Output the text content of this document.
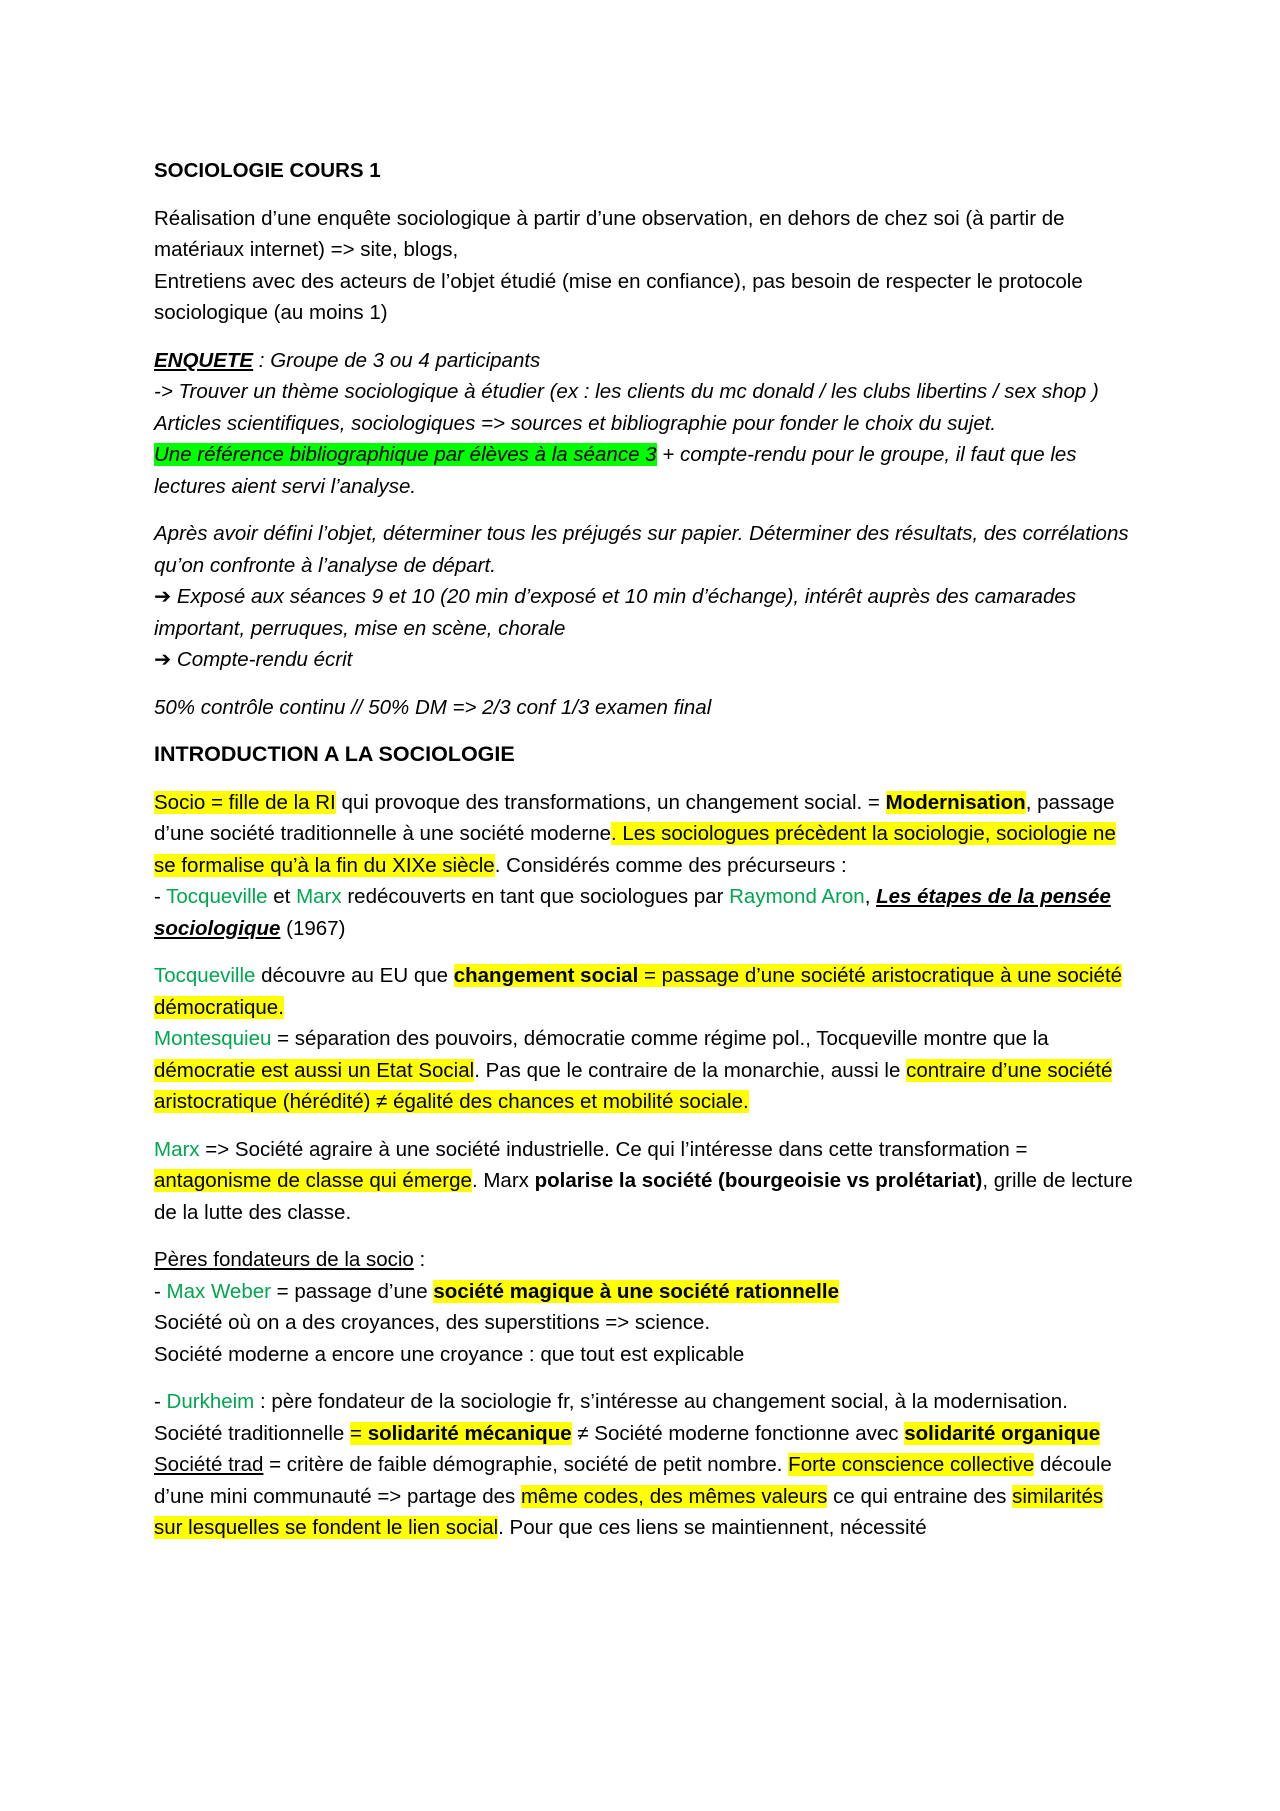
SOCIOLOGIE COURS 1
Réalisation d’une enquête sociologique à partir d’une observation, en dehors de chez soi (à partir de matériaux internet) => site, blogs,
Entretiens avec des acteurs de l’objet étudié (mise en confiance), pas besoin de respecter le protocole sociologique (au moins 1)
ENQUETE : Groupe de 3 ou 4 participants
-> Trouver un thème sociologique à étudier (ex : les clients du mc donald / les clubs libertins / sex shop )
Articles scientifiques, sociologiques => sources et bibliographie pour fonder le choix du sujet.
Une référence bibliographique par élèves à la séance 3 + compte-rendu pour le groupe, il faut que les lectures aient servi l’analyse.
Après avoir défini l’objet, déterminer tous les préjugés sur papier. Déterminer des résultats, des corrélations qu’on confronte à l’analyse de départ.
➔ Exposé aux séances 9 et 10 (20 min d’exposé et 10 min d’échange), intérêt auprès des camarades important, perruques, mise en scène, chorale
➔ Compte-rendu écrit
50% contrôle continu // 50% DM => 2/3 conf 1/3 examen final
INTRODUCTION A LA SOCIOLOGIE
Socio = fille de la RI qui provoque des transformations, un changement social. = Modernisation, passage d’une société traditionnelle à une société moderne. Les sociologues précèdent la sociologie, sociologie ne se formalise qu’à la fin du XIXe siècle. Considérés comme des précurseurs :
- Tocqueville et Marx redécouverts en tant que sociologues par Raymond Aron, Les étapes de la pensée sociologique (1967)
Tocqueville découvre au EU que changement social = passage d’une société aristocratique à une société démocratique.
Montesquieu = séparation des pouvoirs, démocratie comme régime pol., Tocqueville montre que la démocratie est aussi un Etat Social. Pas que le contraire de la monarchie, aussi le contraire d’une société aristocratique (hérédité) ≠ égalité des chances et mobilité sociale.
Marx => Société agraire à une société industrielle. Ce qui l’intéresse dans cette transformation = antagonisme de classe qui émerge. Marx polarise la société (bourgeoisie vs prolétariat), grille de lecture de la lutte des classe.
Pères fondateurs de la socio :
- Max Weber = passage d’une société magique à une société rationnelle
Société où on a des croyances, des superstitions => science.
Société moderne a encore une croyance : que tout est explicable
- Durkheim : père fondateur de la sociologie fr, s’intéresse au changement social, à la modernisation.
Société traditionnelle = solidarité mécanique ≠ Société moderne fonctionne avec solidarité organique
Société trad = critère de faible démographie, société de petit nombre. Forte conscience collective découle d’une mini communauté => partage des même codes, des mêmes valeurs ce qui entraine des similarités sur lesquelles se fondent le lien social. Pour que ces liens se maintiennent, nécessité
